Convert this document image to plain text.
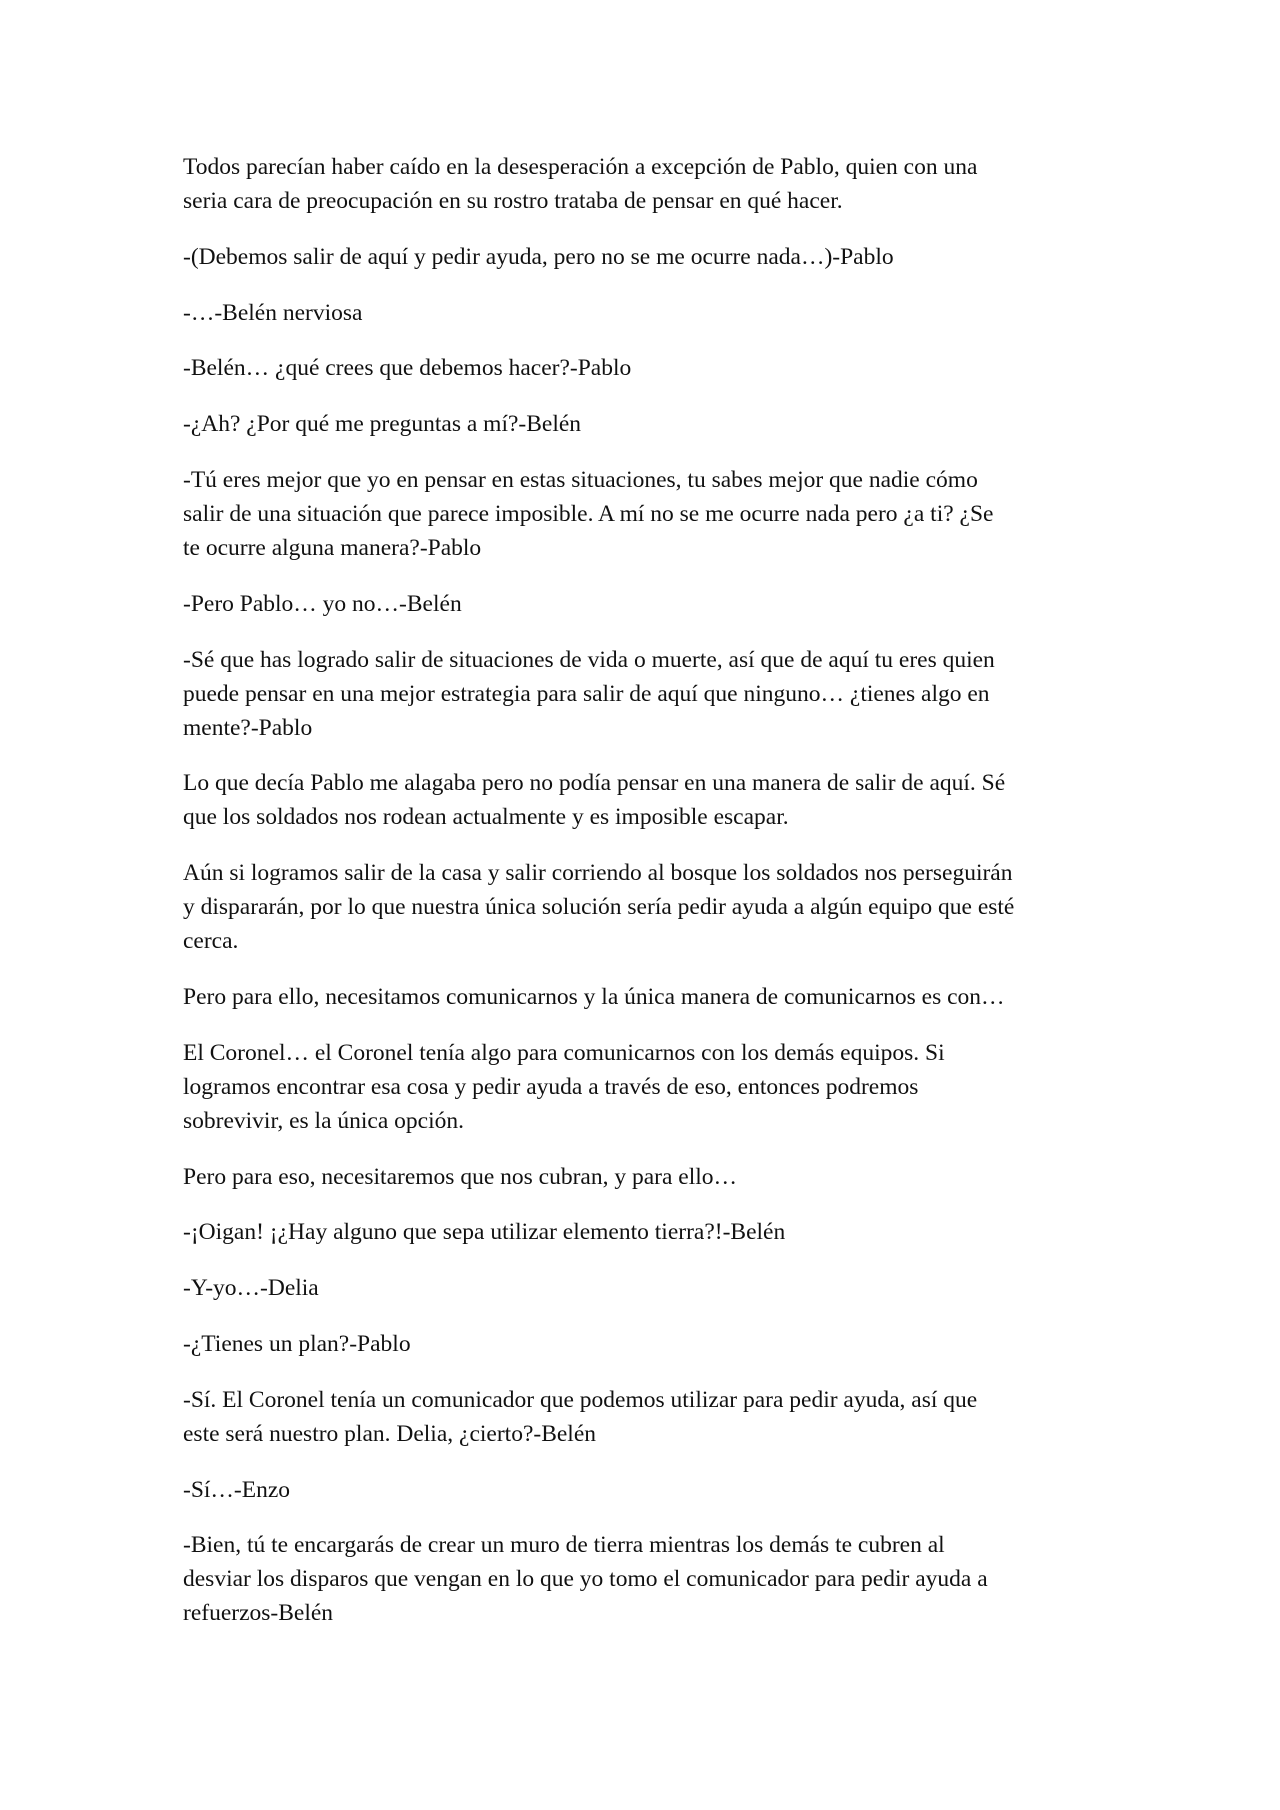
Todos parecían haber caído en la desesperación a excepción de Pablo, quien con una
seria cara de preocupación en su rostro trataba de pensar en qué hacer.

-(Debemos salir de aquí y pedir ayuda, pero no se me ocurre nada…)-Pablo

-…-Belén nerviosa

-Belén… ¿qué crees que debemos hacer?-Pablo

-¿Ah? ¿Por qué me preguntas a mí?-Belén

-Tú eres mejor que yo en pensar en estas situaciones, tu sabes mejor que nadie cómo
salir de una situación que parece imposible. A mí no se me ocurre nada pero ¿a ti? ¿Se
te ocurre alguna manera?-Pablo

-Pero Pablo… yo no…-Belén

-Sé que has logrado salir de situaciones de vida o muerte, así que de aquí tu eres quien
puede pensar en una mejor estrategia para salir de aquí que ninguno… ¿tienes algo en
mente?-Pablo

Lo que decía Pablo me alagaba pero no podía pensar en una manera de salir de aquí. Sé
que los soldados nos rodean actualmente y es imposible escapar.

Aún si logramos salir de la casa y salir corriendo al bosque los soldados nos perseguirán
y dispararán, por lo que nuestra única solución sería pedir ayuda a algún equipo que esté
cerca.

Pero para ello, necesitamos comunicarnos y la única manera de comunicarnos es con…

El Coronel… el Coronel tenía algo para comunicarnos con los demás equipos. Si
logramos encontrar esa cosa y pedir ayuda a través de eso, entonces podremos
sobrevivir, es la única opción.

Pero para eso, necesitaremos que nos cubran, y para ello…

-¡Oigan! ¡¿Hay alguno que sepa utilizar elemento tierra?!-Belén

-Y-yo…-Delia

-¿Tienes un plan?-Pablo

-Sí. El Coronel tenía un comunicador que podemos utilizar para pedir ayuda, así que
este será nuestro plan. Delia, ¿cierto?-Belén

-Sí…-Enzo

-Bien, tú te encargarás de crear un muro de tierra mientras los demás te cubren al
desviar los disparos que vengan en lo que yo tomo el comunicador para pedir ayuda a
refuerzos-Belén
